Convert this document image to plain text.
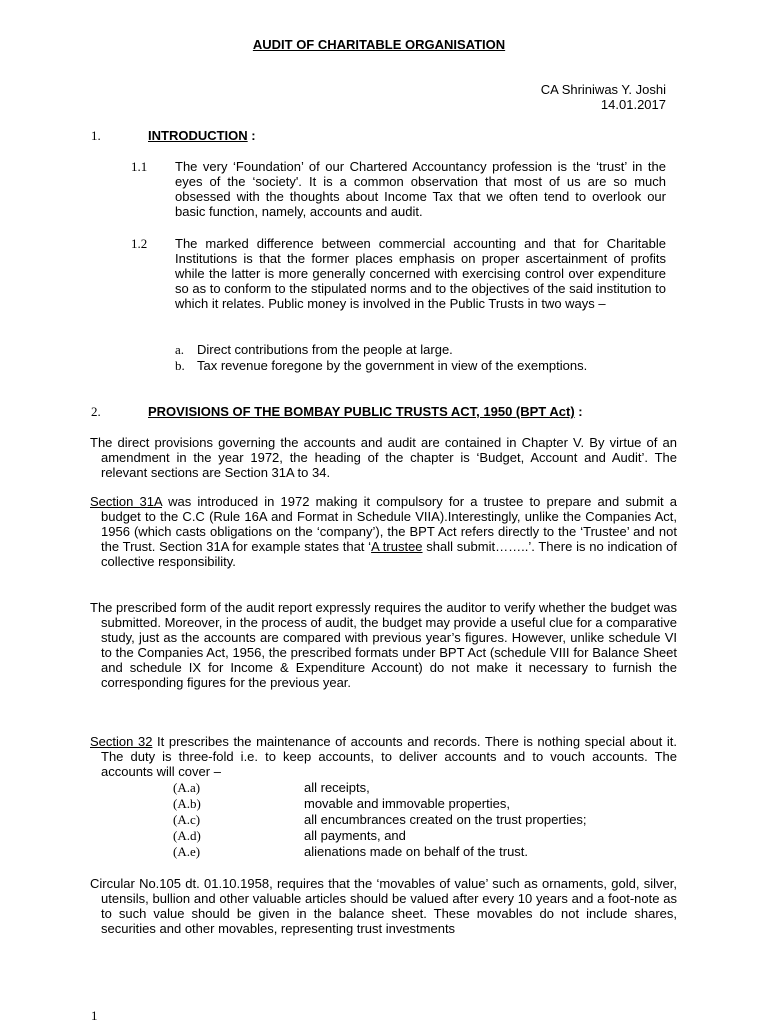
AUDIT OF CHARITABLE ORGANISATION
CA Shriniwas Y. Joshi
14.01.2017
1.	INTRODUCTION :
1.1 The very ‘Foundation’ of our Chartered Accountancy profession is the ‘trust’ in the eyes of the ‘society'. It is a common observation that most of us are so much obsessed with the thoughts about Income Tax that we often tend to overlook our basic function, namely, accounts and audit.
1.2 The marked difference between commercial accounting and that for Charitable Institutions is that the former places emphasis on proper ascertainment of profits while the latter is more generally concerned with exercising control over expenditure so as to conform to the stipulated norms and to the objectives of the said institution to which it relates. Public money is involved in the Public Trusts in two ways –
a. Direct contributions from the people at large.
b. Tax revenue foregone by the government in view of the exemptions.
2.	PROVISIONS OF THE BOMBAY PUBLIC TRUSTS ACT, 1950 (BPT Act) :
The direct provisions governing the accounts and audit are contained in Chapter V. By virtue of an amendment in the year 1972, the heading of the chapter is ‘Budget, Account and Audit’. The relevant sections are Section 31A to 34.
Section 31A was introduced in 1972 making it compulsory for a trustee to prepare and submit a budget to the C.C (Rule 16A and Format in Schedule VIIA).Interestingly, unlike the Companies Act, 1956 (which casts obligations on the ‘company’), the BPT Act refers directly to the ‘Trustee’ and not the Trust. Section 31A for example states that ‘A trustee shall submit……..’. There is no indication of collective responsibility.
The prescribed form of the audit report expressly requires the auditor to verify whether the budget was submitted. Moreover, in the process of audit, the budget may provide a useful clue for a comparative study, just as the accounts are compared with previous year’s figures. However, unlike schedule VI to the Companies Act, 1956, the prescribed formats under BPT Act (schedule VIII for Balance Sheet and schedule IX for Income & Expenditure Account) do not make it necessary to furnish the corresponding figures for the previous year.
Section 32 It prescribes the maintenance of accounts and records. There is nothing special about it. The duty is three-fold i.e. to keep accounts, to deliver accounts and to vouch accounts. The accounts will cover –
(A.a)	all receipts,
(A.b)	movable and immovable properties,
(A.c)	all encumbrances created on the trust properties;
(A.d)	all payments, and
(A.e)	alienations made on behalf of the trust.
Circular No.105 dt. 01.10.1958, requires that the ‘movables of value’ such as ornaments, gold, silver, utensils, bullion and other valuable articles should be valued after every 10 years and a foot-note as to such value should be given in the balance sheet. These movables do not include shares, securities and other movables, representing trust investments
1
